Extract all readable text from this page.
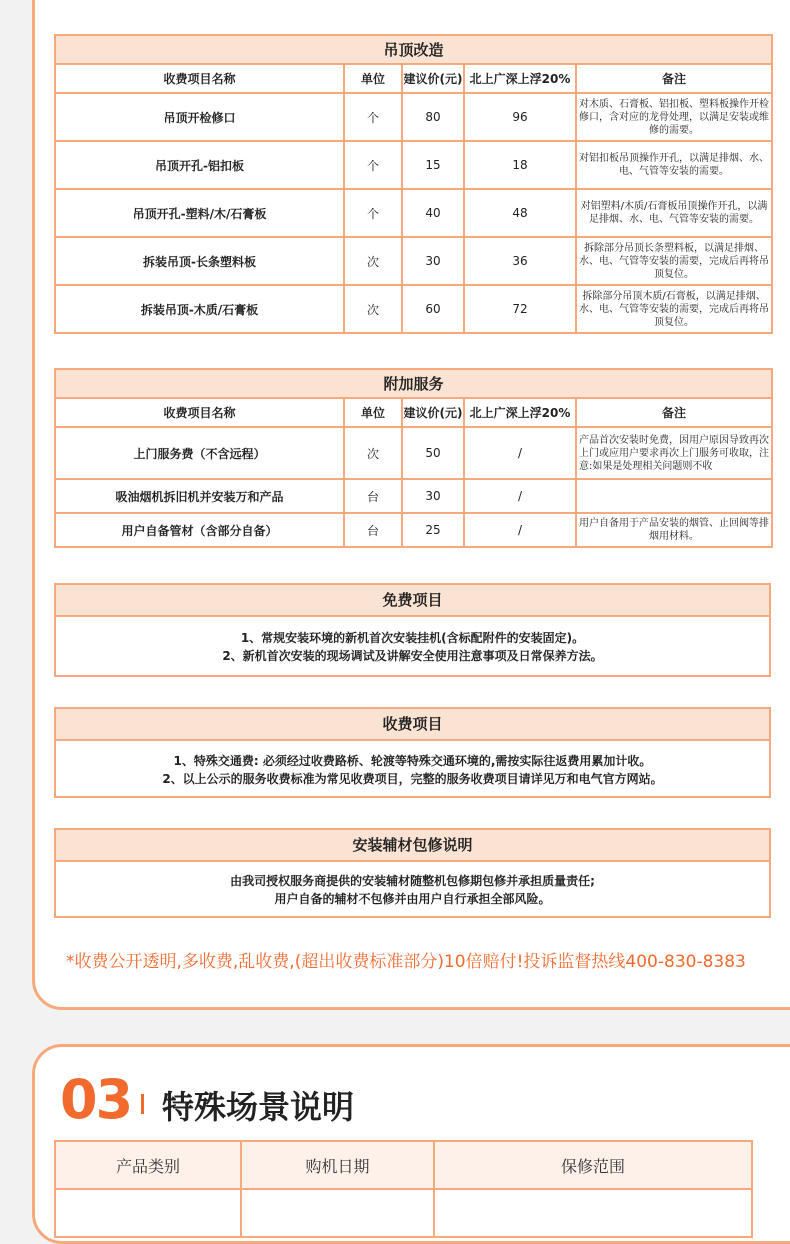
吊顶改造				
收费项目名称	单位	建议价(元)	北上广深上浮20%	备注
吊顶开检修口	个	80	96	对木质、石膏板、铝扣板、塑料板操作开检修口，含对应的龙骨处理，以满足安装或维修的需要。
吊顶开孔-铝扣板	个	15	18	对铝扣板吊顶操作开孔，以满足排烟、水、电、气管等安装的需要。
吊顶开孔-塑料/木/石膏板	个	40	48	对铝塑料/木质/石膏板吊顶操作开孔，以满足排烟、水、电、气管等安装的需要。
拆装吊顶-长条塑料板	次	30	36	拆除部分吊顶长条塑料板，以满足排烟、水、电、气管等安装的需要，完成后再将吊顶复位。
拆装吊顶-木质/石膏板	次	60	72	拆除部分吊顶木质/石膏板，以满足排烟、水、电、气管等安装的需要，完成后再将吊顶复位。
附加服务				
收费项目名称	单位	建议价(元)	北上广深上浮20%	备注
上门服务费（不含远程）	次	50	/	产品首次安装时免费，因用户原因导致再次上门或应用户要求再次上门服务可收取，注意:如果是处理相关问题则不收
吸油烟机拆旧机并安装万和产品	台	30	/	
用户自备管材（含部分自备）	台	25	/	用户自备用于产品安装的烟管、止回阀等排烟用材料。
免费项目
1、常规安装环境的新机首次安装挂机(含标配附件的安装固定)。
2、新机首次安装的现场调试及讲解安全使用注意事项及日常保养方法。
收费项目
1、特殊交通费: 必须经过收费路桥、轮渡等特殊交通环境的,需按实际往返费用累加计收。
2、以上公示的服务收费标准为常见收费项目，完整的服务收费项目请详见万和电气官方网站。
安装辅材包修说明
由我司授权服务商提供的安装辅材随整机包修期包修并承担质量责任;
用户自备的辅材不包修并由用户自行承担全部风险。
*收费公开透明,多收费,乱收费,(超出收费标准部分)10倍赔付!投诉监督热线400-830-8383
03 特殊场景说明
产品类别	购机日期	保修范围
